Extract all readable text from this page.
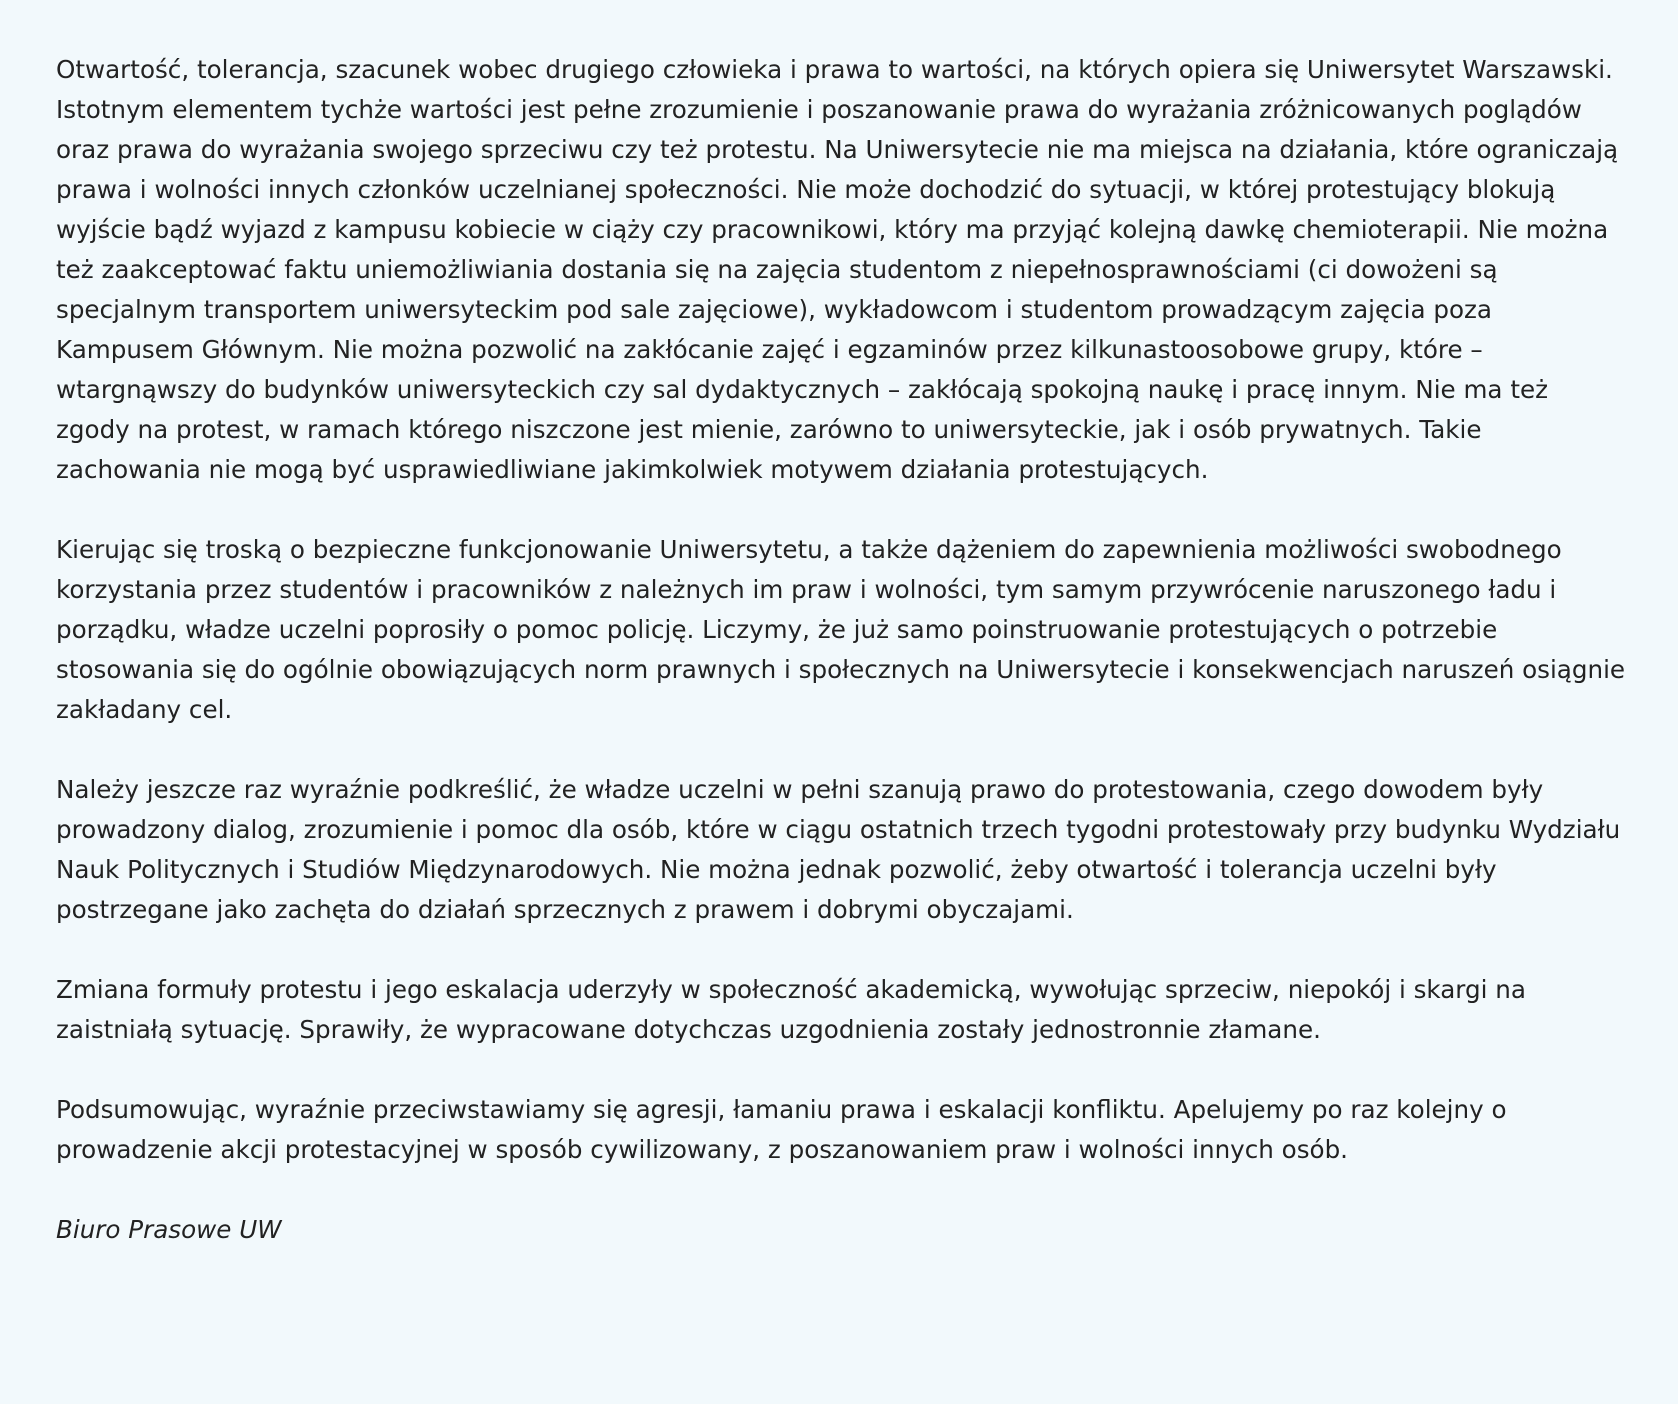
Otwartość, tolerancja, szacunek wobec drugiego człowieka i prawa to wartości, na których opiera się Uniwersytet Warszawski. Istotnym elementem tychże wartości jest pełne zrozumienie i poszanowanie prawa do wyrażania zróżnicowanych poglądów oraz prawa do wyrażania swojego sprzeciwu czy też protestu. Na Uniwersytecie nie ma miejsca na działania, które ograniczają prawa i wolności innych członków uczelnianej społeczności. Nie może dochodzić do sytuacji, w której protestujący blokują wyjście bądź wyjazd z kampusu kobiecie w ciąży czy pracownikowi, który ma przyjąć kolejną dawkę chemioterapii. Nie można też zaakceptować faktu uniemożliwiania dostania się na zajęcia studentom z niepełnosprawnościami (ci dowożeni są specjalnym transportem uniwersyteckim pod sale zajęciowe), wykładowcom i studentom prowadzącym zajęcia poza Kampusem Głównym. Nie można pozwolić na zakłócanie zajęć i egzaminów przez kilkunastoosobowe grupy, które – wtargnąwszy do budynków uniwersyteckich czy sal dydaktycznych – zakłócają spokojną naukę i pracę innym. Nie ma też zgody na protest, w ramach którego niszczone jest mienie, zarówno to uniwersyteckie, jak i osób prywatnych. Takie zachowania nie mogą być usprawiedliwiane jakimkolwiek motywem działania protestujących.

Kierując się troską o bezpieczne funkcjonowanie Uniwersytetu, a także dążeniem do zapewnienia możliwości swobodnego korzystania przez studentów i pracowników z należnych im praw i wolności, tym samym przywrócenie naruszonego ładu i porządku, władze uczelni poprosiły o pomoc policję. Liczymy, że już samo poinstruowanie protestujących o potrzebie stosowania się do ogólnie obowiązujących norm prawnych i społecznych na Uniwersytecie i konsekwencjach naruszeń osiągnie zakładany cel.

Należy jeszcze raz wyraźnie podkreślić, że władze uczelni w pełni szanują prawo do protestowania, czego dowodem były prowadzony dialog, zrozumienie i pomoc dla osób, które w ciągu ostatnich trzech tygodni protestowały przy budynku Wydziału Nauk Politycznych i Studiów Międzynarodowych. Nie można jednak pozwolić, żeby otwartość i tolerancja uczelni były postrzegane jako zachęta do działań sprzecznych z prawem i dobrymi obyczajami.

Zmiana formuły protestu i jego eskalacja uderzyły w społeczność akademicką, wywołując sprzeciw, niepokój i skargi na zaistniałą sytuację. Sprawiły, że wypracowane dotychczas uzgodnienia zostały jednostronnie złamane.

Podsumowując, wyraźnie przeciwstawiamy się agresji, łamaniu prawa i eskalacji konfliktu. Apelujemy po raz kolejny o prowadzenie akcji protestacyjnej w sposób cywilizowany, z poszanowaniem praw i wolności innych osób.

Biuro Prasowe UW
